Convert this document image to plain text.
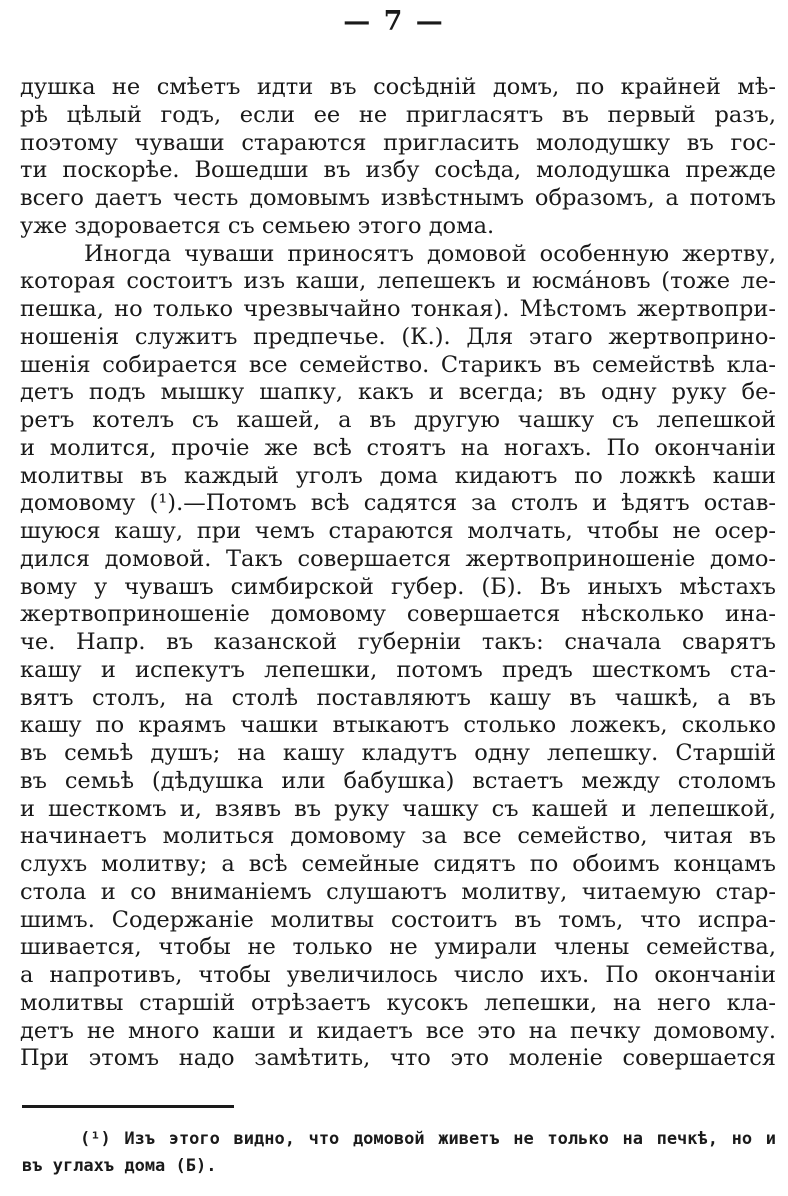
— 7 —
душка не смѣетъ идти въ сосѣднiй домъ, по крайней мѣ-
рѣ цѣлый годъ, если ее не пригласятъ въ первый разъ,
поэтому чуваши стараются пригласить молодушку въ гос-
ти поскорѣе. Вошедши въ избу сосѣда, молодушка прежде
всего даетъ честь домовымъ извѣстнымъ образомъ, а потомъ
уже здоровается съ семьею этого дома.
Иногда чуваши приносятъ домовой особенную жертву,
которая состоитъ изъ каши, лепешекъ и юсмáновъ (тоже ле-
пешка, но только чрезвычайно тонкая). Мѣстомъ жертвопри-
ношенiя служитъ предпечье. (К.). Для этаго жертвоприно-
шенiя собирается все семейство. Старикъ въ семействѣ кла-
детъ подъ мышку шапку, какъ и всегда; въ одну руку бе-
ретъ котелъ съ кашей, а въ другую чашку съ лепешкой
и молится, прочiе же всѣ стоятъ на ногахъ. По окончанiи
молитвы въ каждый уголъ дома кидаютъ по ложкѣ каши
домовому (¹).—Потомъ всѣ садятся за столъ и ѣдятъ остав-
шуюся кашу, при чемъ стараются молчать, чтобы не осер-
дился домовой. Такъ совершается жертвоприношенiе домо-
вому у чувашъ симбирской губер. (Б). Въ иныхъ мѣстахъ
жертвоприношенiе домовому совершается нѣсколько ина-
че. Напр. въ казанской губернiи такъ: сначала сварятъ
кашу и испекутъ лепешки, потомъ предъ шесткомъ ста-
вятъ столъ, на столѣ поставляютъ кашу въ чашкѣ, а въ
кашу по краямъ чашки втыкаютъ столько ложекъ, сколько
въ семьѣ душъ; на кашу кладутъ одну лепешку. Старшiй
въ семьѣ (дѣдушка или бабушка) встаетъ между столомъ
и шесткомъ и, взявъ въ руку чашку съ кашей и лепешкой,
начинаетъ молиться домовому за все семейство, читая въ
слухъ молитву; а всѣ семейные сидятъ по обоимъ концамъ
стола и со вниманiемъ слушаютъ молитву, читаемую стар-
шимъ. Содержанiе молитвы состоитъ въ томъ, что испра-
шивается, чтобы не только не умирали члены семейства,
а напротивъ, чтобы увеличилось число ихъ. По окончанiи
молитвы старшiй отрѣзаетъ кусокъ лепешки, на него кла-
детъ не много каши и кидаетъ все это на печку домовому.
При этомъ надо замѣтить, что это моленiе совершается
(¹) Изъ этого видно, что домовой живетъ не только на печкѣ, но и
въ углахъ дома (Б).
